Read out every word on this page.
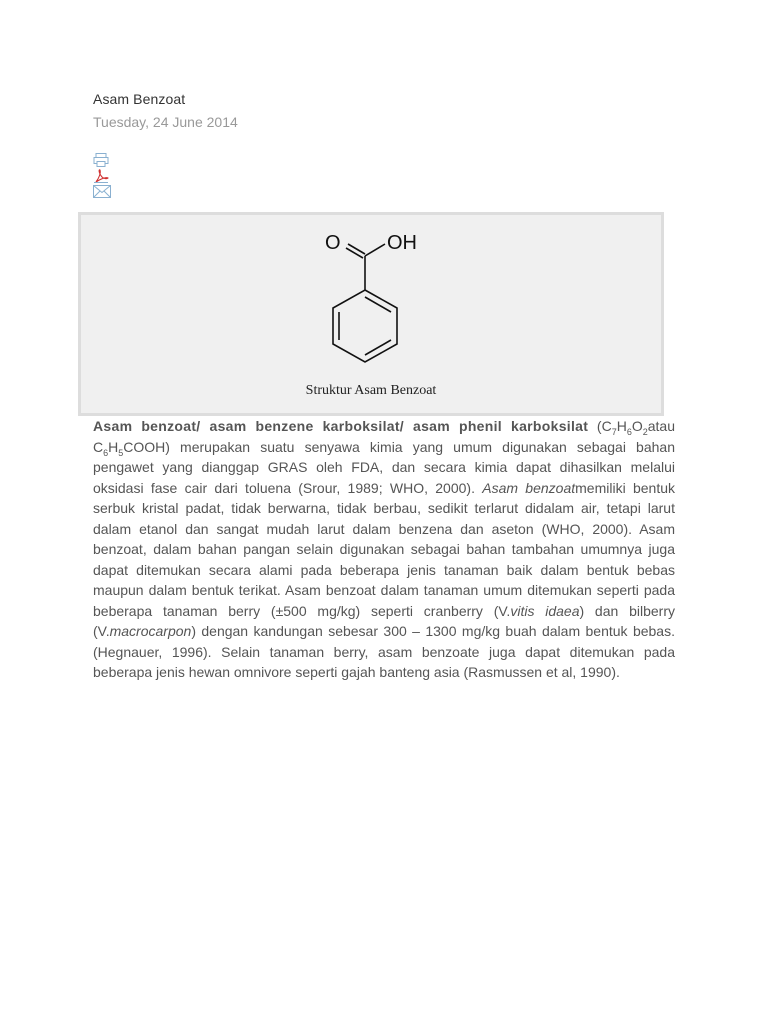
Asam Benzoat
Tuesday, 24 June 2014
O OH
Struktur Asam Benzoat
Asam benzoat/ asam benzene karboksilat/ asam phenil karboksilat ($C_7H_6O_2atau$ $C_6H_5COOH$) merupakan suatu senyawa kimia yang umum digunakan sebagai bahan pengawet yang dianggap GRAS oleh FDA, dan secara kimia dapat dihasilkan melalui oksidasi fase cair dari toluena (Srour, 1989; WHO, 2000). Asam benzoatmemiliki bentuk serbuk kristal padat, tidak berwarna, tidak berbau, sedikit terlarut didalam air, tetapi larut dalam etanol dan sangat mudah larut dalam benzena dan aseton (WHO, 2000). Asam benzoat, dalam bahan pangan selain digunakan sebagai bahan tambahan umumnya juga dapat ditemukan secara alami pada beberapa jenis tanaman baik dalam bentuk bebas maupun dalam bentuk terikat. Asam benzoat dalam tanaman umum ditemukan seperti pada beberapa tanaman berry (±500 mg/kg) seperti cranberry (V.vitis idaea) dan bilberry (V.macrocarpon) dengan kandungan sebesar 300 – 1300 mg/kg buah dalam bentuk bebas. (Hegnauer, 1996). Selain tanaman berry, asam benzoate juga dapat ditemukan pada beberapa jenis hewan omnivore seperti gajah banteng asia (Rasmussen et al, 1990).
